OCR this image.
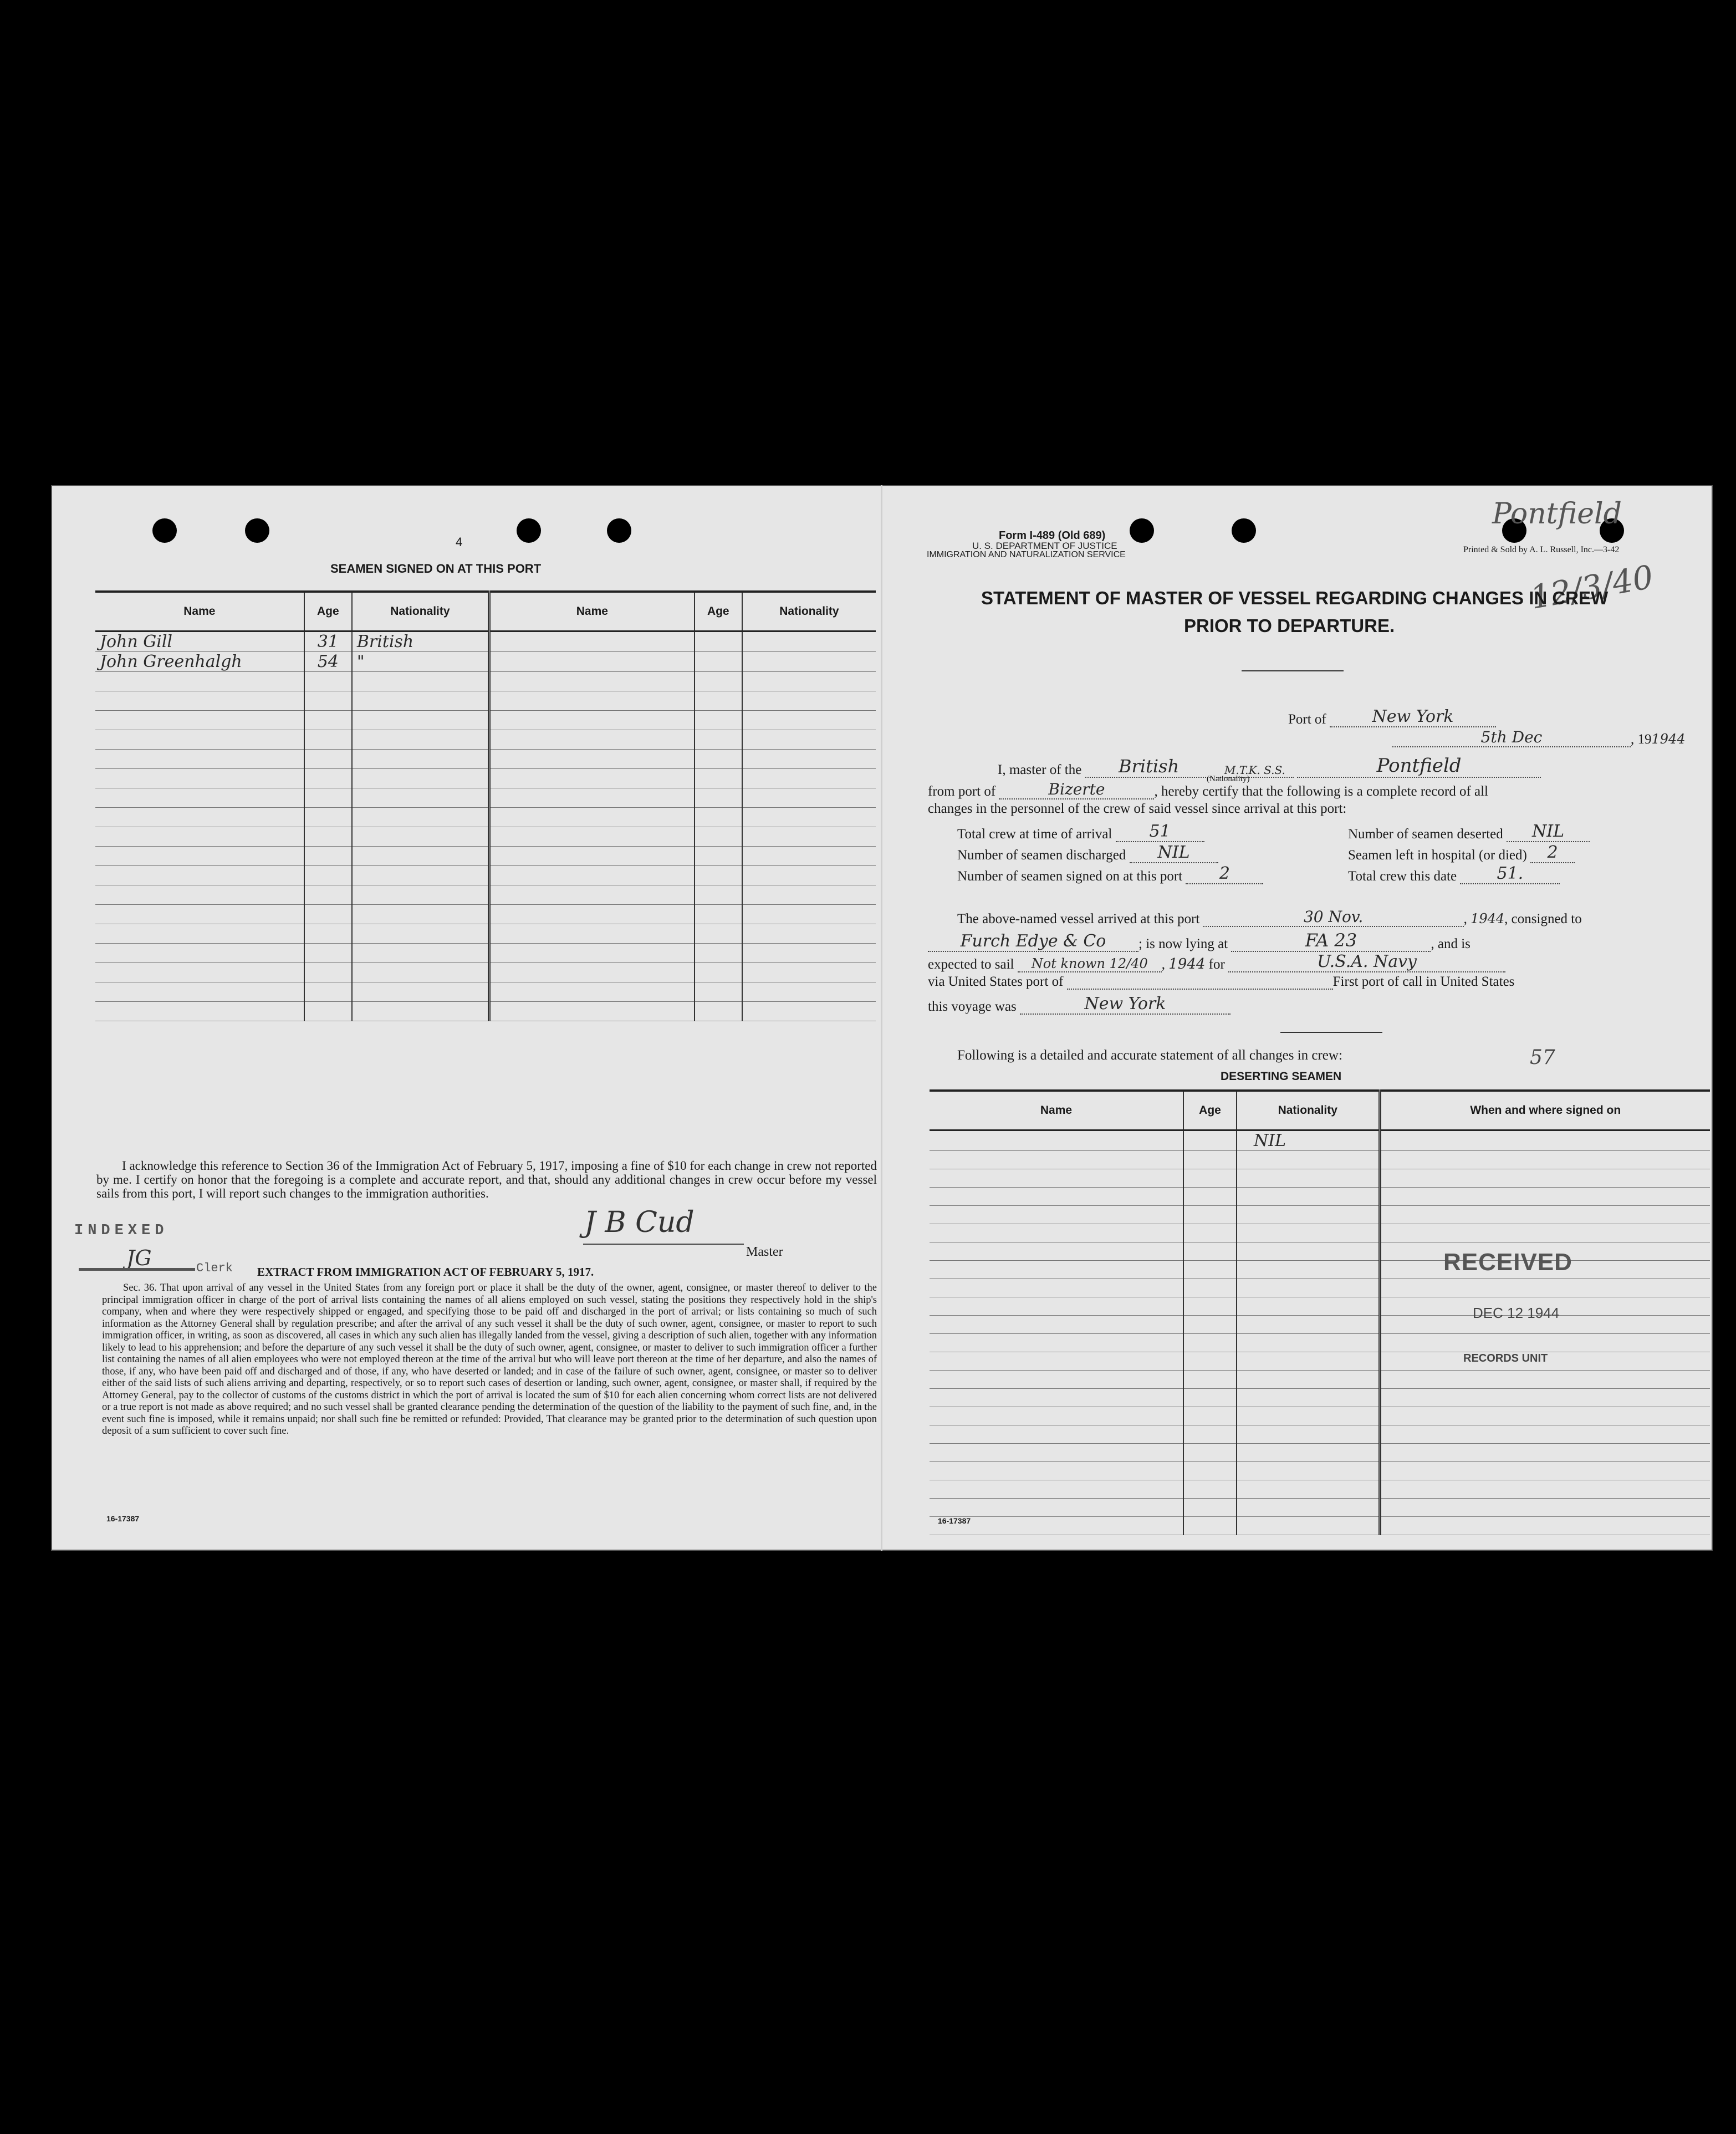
4
SEAMEN SIGNED ON AT THIS PORT
Name	Age	Nationality	Name	Age	Nationality
John Gill	31	British			
John Greenhalgh	54	"			

I acknowledge this reference to Section 36 of the Immigration Act of February 5, 1917, imposing a fine of $10 for each change in crew not reported by me. I certify on honor that the foregoing is a complete and accurate report, and that, should any additional changes in crew occur before my vessel sails from this port, I will report such changes to the immigration authorities.
J B Cud
Master
INDEXED
JG	Clerk EXTRACT FROM IMMIGRATION ACT OF FEBRUARY 5, 1917.
Sec. 36. That upon arrival of any vessel in the United States from any foreign port or place it shall be the duty of the owner, agent, consignee, or master thereof to deliver to the principal immigration officer in charge of the port of arrival lists containing the names of all aliens employed on such vessel, stating the positions they respectively hold in the ship's company, when and where they were respectively shipped or engaged, and specifying those to be paid off and discharged in the port of arrival; or lists containing so much of such information as the Attorney General shall by regulation prescribe; and after the arrival of any such vessel it shall be the duty of such owner, agent, consignee, or master to report to such immigration officer, in writing, as soon as discovered, all cases in which any such alien has illegally landed from the vessel, giving a description of such alien, together with any information likely to lead to his apprehension; and before the departure of any such vessel it shall be the duty of such owner, agent, consignee, or master to deliver to such immigration officer a further list containing the names of all alien employees who were not employed thereon at the time of the arrival but who will leave port thereon at the time of her departure, and also the names of those, if any, who have been paid off and discharged and of those, if any, who have deserted or landed; and in case of the failure of such owner, agent, consignee, or master so to deliver either of the said lists of such aliens arriving and departing, respectively, or so to report such cases of desertion or landing, such owner, agent, consignee, or master shall, if required by the Attorney General, pay to the collector of customs of the customs district in which the port of arrival is located the sum of $10 for each alien concerning whom correct lists are not delivered or a true report is not made as above required; and no such vessel shall be granted clearance pending the determination of the question of the liability to the payment of such fine, and, in the event such fine is imposed, while it remains unpaid; nor shall such fine be remitted or refunded: Provided, That clearance may be granted prior to the determination of such question upon deposit of a sum sufficient to cover such fine.
16-17387
Form I-489 (Old 689)
U. S. DEPARTMENT OF JUSTICE
IMMIGRATION AND NATURALIZATION SERVICE
Printed & Sold by A. L. Russell, Inc.—3-42
Pontfield
12/3/40
STATEMENT OF MASTER OF VESSEL REGARDING CHANGES IN CREW
PRIOR TO DEPARTURE.
Port of	New York
5th Dec	, 191944
I, master of the British	M.T.K. S.S.	Pontfield
(Nationality)
from port of	Bizerte	, hereby certify that the following is a complete record of all
changes in the personnel of the crew of said vessel since arrival at this port:
Total crew at time of arrival 51	Number of seamen deserted NIL
Number of seamen discharged NIL	Seamen left in hospital (or died) 2
Number of seamen signed on at this port 2	Total crew this date 51.
The above-named vessel arrived at this port	30 Nov.	, 1944, consigned to
Furch Edye & Co ; is now lying at	FA 23	, and is
expected to sail Not known 12/40 , 1944 for	U.S.A. Navy
via United States port of	First port of call in United States
this voyage was	New York
Following is a detailed and accurate statement of all changes in crew:	57
DESERTING SEAMEN
Name	Age	Nationality	When and where signed on
		NIL	

RECEIVED
DEC 12 1944
RECORDS UNIT
16-17387
